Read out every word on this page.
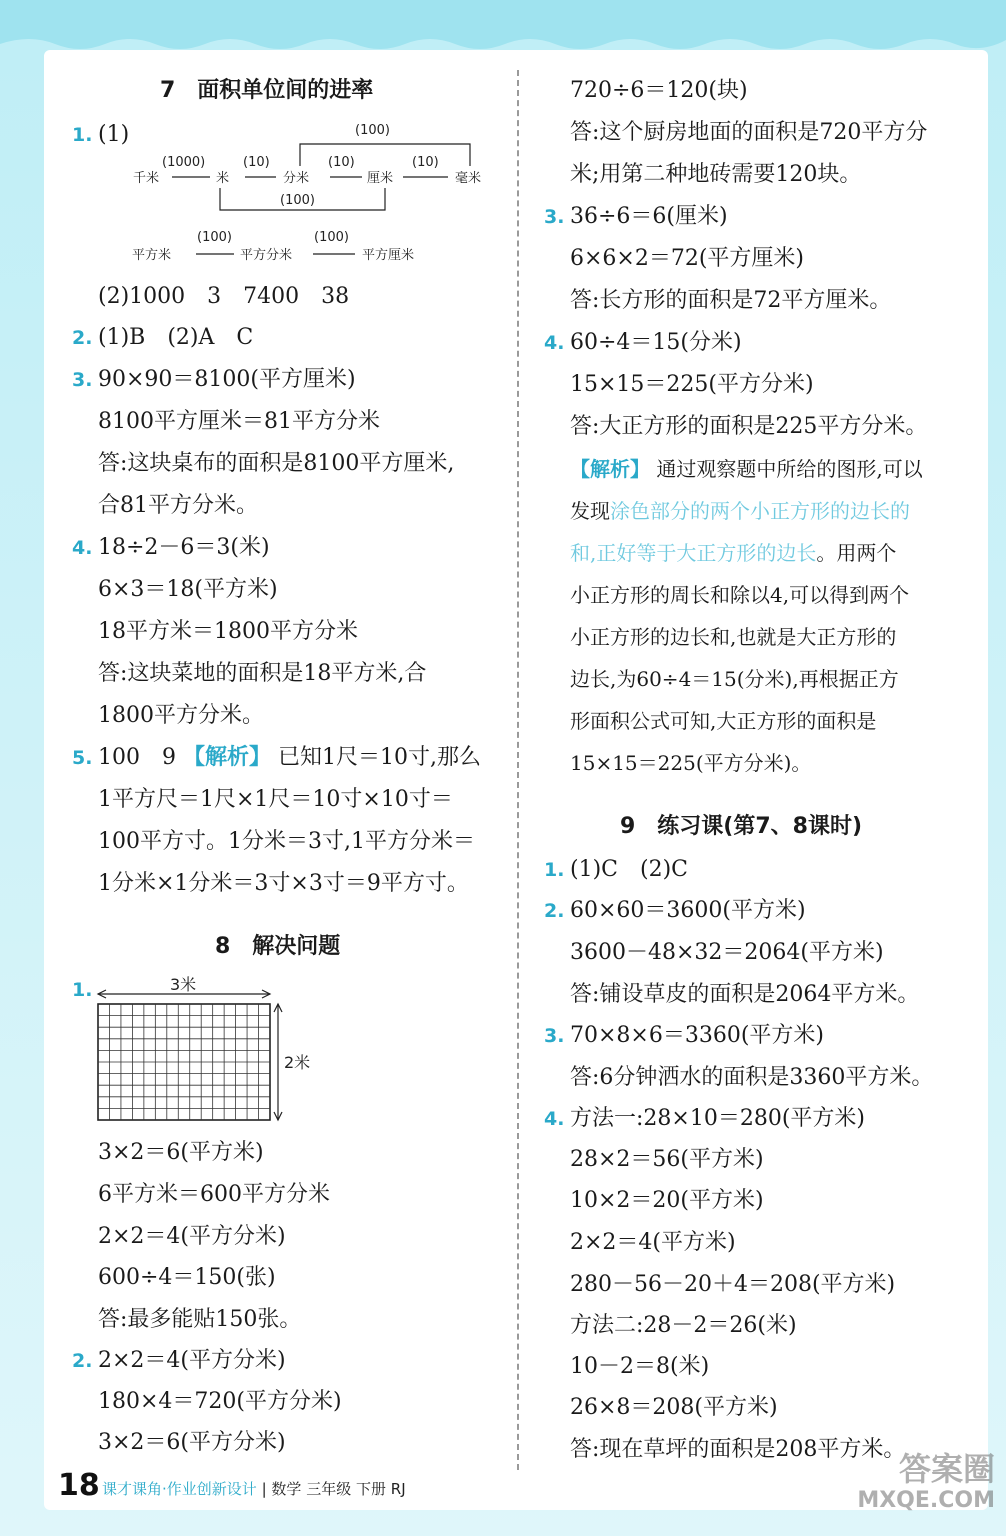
7　面积单位间的进率
1. (1)
千米	米	分米	厘米	毫米
(1000)	(10)	(10)	(10)
(100)
(100)
平方米	平方分米	平方厘米
(100)	(100)
(2)1000　3　7400　38
2. (1)B　(2)A　C
3. 90×90＝8100(平方厘米)
8100平方厘米＝81平方分米
答:这块桌布的面积是8100平方厘米,
合81平方分米。
4. 18÷2－6＝3(米)
6×3＝18(平方米)
18平方米＝1800平方分米
答:这块菜地的面积是18平方米,合
1800平方分米。
5. 100　9 【解析】 已知1尺＝10寸,那么
1平方尺＝1尺×1尺＝10寸×10寸＝
100平方寸。1分米＝3寸,1平方分米＝
1分米×1分米＝3寸×3寸＝9平方寸。
8　解决问题
1.	3米
2米
3×2＝6(平方米)
6平方米＝600平方分米
2×2＝4(平方分米)
600÷4＝150(张)
答:最多能贴150张。
2. 2×2＝4(平方分米)
180×4＝720(平方分米)
3×2＝6(平方分米)
720÷6＝120(块)
答:这个厨房地面的面积是720平方分
米;用第二种地砖需要120块。
3. 36÷6＝6(厘米)
6×6×2＝72(平方厘米)
答:长方形的面积是72平方厘米。
4. 60÷4＝15(分米)
15×15＝225(平方分米)
答:大正方形的面积是225平方分米。
【解析】 通过观察题中所给的图形,可以
发现涂色部分的两个小正方形的边长的
和,正好等于大正方形的边长。用两个
小正方形的周长和除以4,可以得到两个
小正方形的边长和,也就是大正方形的
边长,为60÷4＝15(分米),再根据正方
形面积公式可知,大正方形的面积是
15×15＝225(平方分米)。
9　练习课(第7、8课时)
1. (1)C　(2)C
2. 60×60＝3600(平方米)
3600－48×32＝2064(平方米)
答:铺设草皮的面积是2064平方米。
3. 70×8×6＝3360(平方米)
答:6分钟洒水的面积是3360平方米。
4. 方法一:28×10＝280(平方米)
28×2＝56(平方米)
10×2＝20(平方米)
2×2＝4(平方米)
280－56－20＋4＝208(平方米)
方法二:28－2＝26(米)
10－2＝8(米)
26×8＝208(平方米)
答:现在草坪的面积是208平方米。
18 课才课角·作业创新设计 | 数学 三年级 下册 RJ
答案圈
MXQE.COM
